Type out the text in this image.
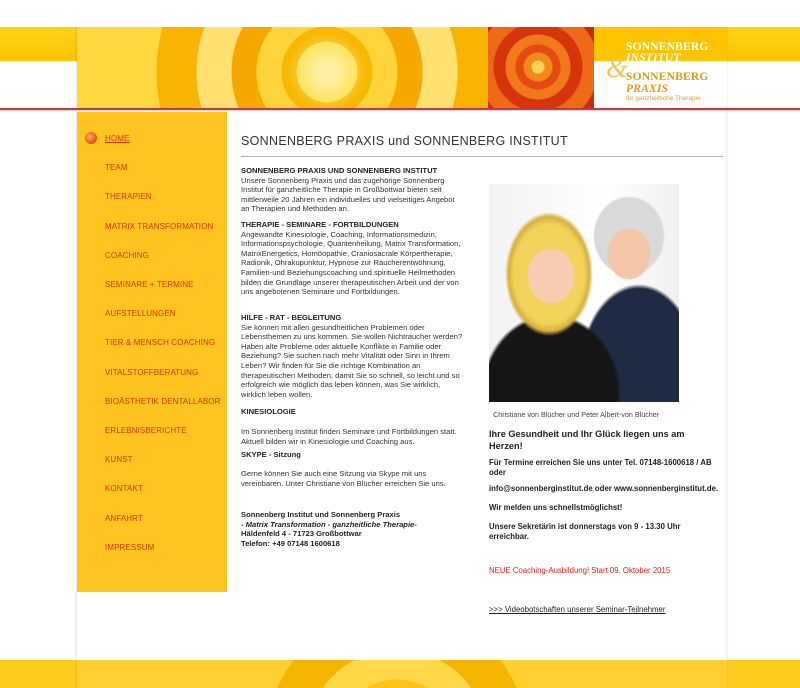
&
SONNENBERG
INSTITUT
SONNENBERG
PRAXIS
für ganzheitliche Therapie
HOME
TEAM
THERAPIEN
MATRIX TRANSFORMATION
COACHING
SEMINARE + TERMINE
AUFSTELLUNGEN
TIER & MENSCH COACHING
VITALSTOFFBERATUNG
BIOÄSTHETIK DENTALLABOR
ERLEBNISBERICHTE
KUNST
KONTAKT
ANFAHRT
IMPRESSUM
SONNENBERG PRAXIS und SONNENBERG INSTITUT

SONNENBERG PRAXIS UND SONNENBERG INSTITUT

Unsere Sonnenberg Praxis und das zugehörige Sonnenberg Institut für ganzheitliche Therapie in Großbottwar bieten seit mittlerweile 20 Jahren ein individuelles und vielseitiges Angebot an Therapien und Methoden an.

THERAPIE - SEMINARE - FORTBILDUNGEN

Angewandte Kinesiologie, Coaching, Informationsmedizin, Informationspsychologie, Quantenheilung, Matrix Transformation, MatrixEnergetics, Homöopathie, Craniosacrale Körpertherapie, Radionik, Ohrakupunktur, Hypnose zur Raucherentwöhnung, Familien-und Beziehungscoaching und spirituelle Heilmethoden bilden die Grundlage unserer therapeutischen Arbeit und der von uns angebotenen Seminare und Fortbildungen.

HILFE - RAT - BEGLEITUNG

Sie können mit allen gesundheitlichen Problemen oder Lebensthemen zu uns kommen. Sie wollen Nichtraucher werden? Haben alte Probleme oder aktuelle Konflikte in Familie oder Beziehung? Sie suchen nach mehr Vitalität oder Sinn in Ihrem Leben? Wir finden für Sie die richtige Kombination an therapeutischen Methoden, damit Sie so schnell, so leicht und so erfolgreich wie möglich das leben können, was Sie wirklich, wirklich leben wollen.

KINESIOLOGIE

Im Sonnenberg Institut finden Seminare und Fortbildungen statt. Aktuell bilden wir in Kinesiologie und Coaching aus.

SKYPE - Sitzung

Gerne können Sie auch eine Sitzung via Skype mit uns vereinbaren. Unter Christiane von Blücher erreichen Sie uns.

Sonnenberg Institut und Sonnenberg Praxis

- Matrix Transformation - ganzheitliche Therapie-

Häldenfeld 4 - 71723 Großbottwar

Telefon: +49 07148 1600618

Christiane von Blücher und Peter Albert-von Blücher

Ihre Gesundheit und Ihr Glück liegen uns am Herzen!

Für Termine erreichen Sie uns unter Tel. 07148-1600618 / AB

oder

info@sonnenberginstitut.de oder www.sonnenberginstitut.de.

Wir melden uns schnellstmöglichst!

Unsere Sekretärin ist donnerstags von 9 - 13.30 Uhr erreichbar.

NEUE Coaching-Ausbildung! Start 09. Oktober 2015

>>> Videobotschaften unserer Seminar-Teilnehmer
